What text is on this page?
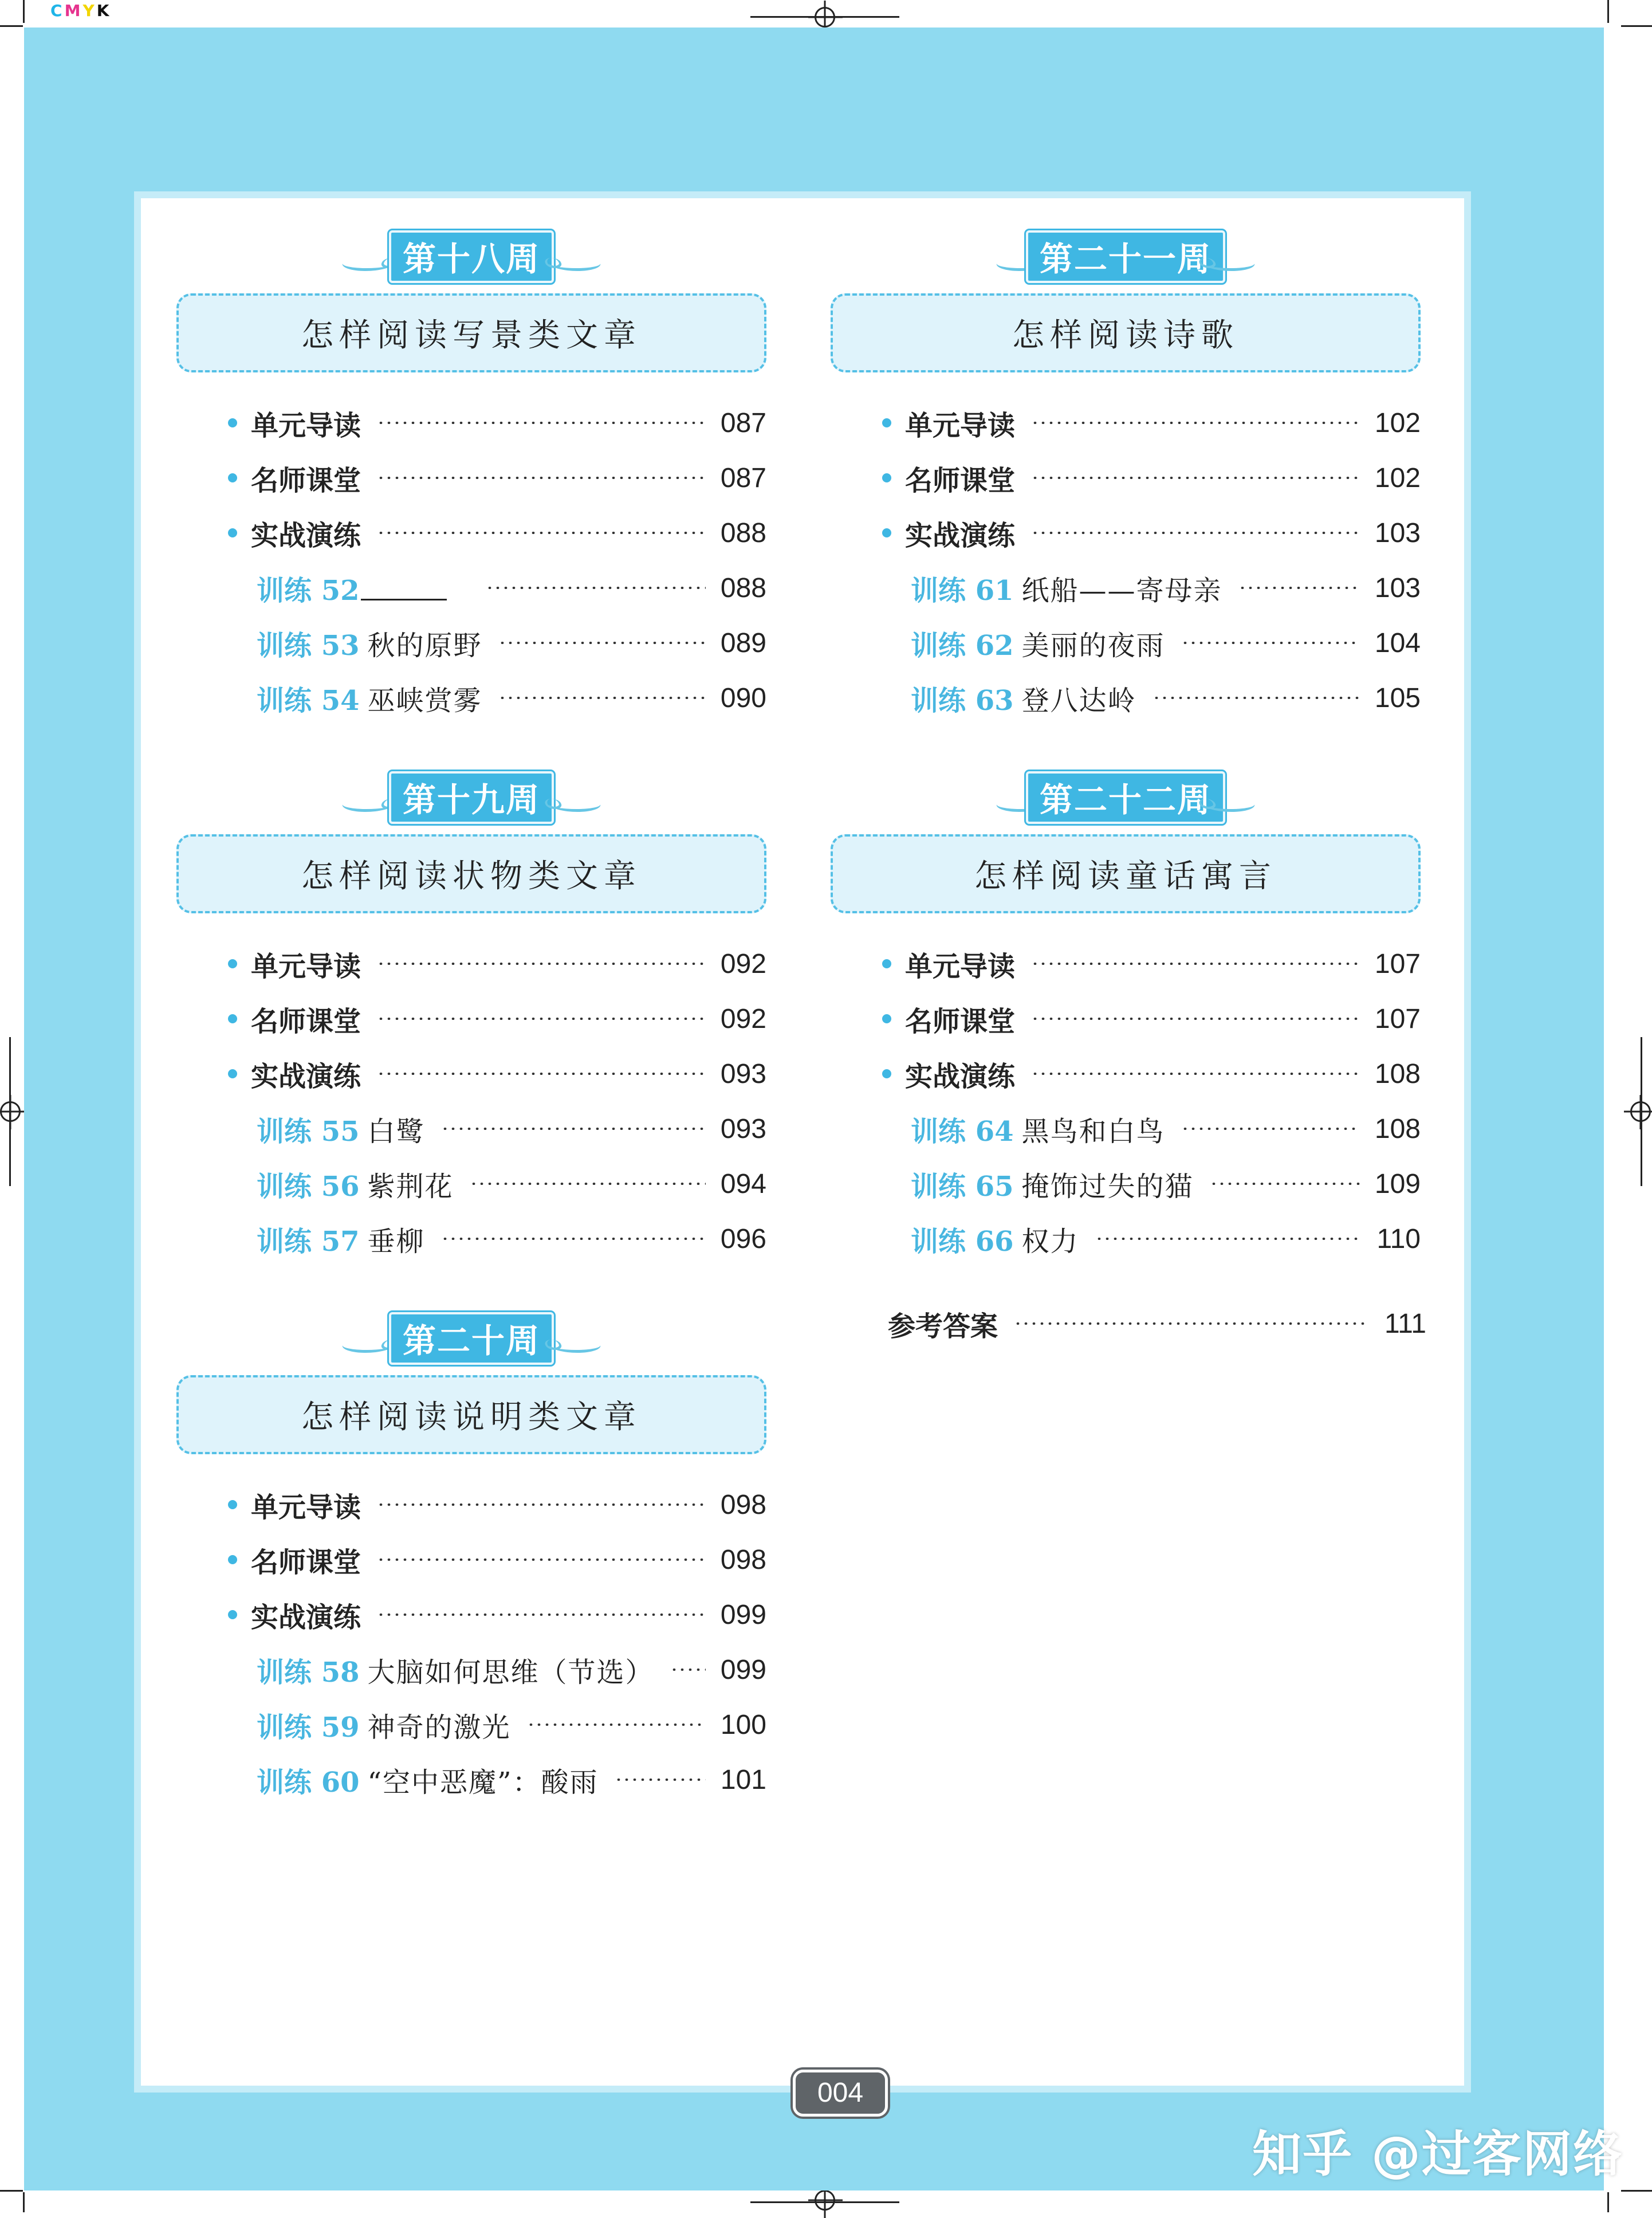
CMYK
第十八周
怎样阅读写景类文章
单元导读	087
名师课堂	087
实战演练	088
训练 52	088
训练 53 秋的原野	089
训练 54 巫峡赏雾	090
第十九周
怎样阅读状物类文章
单元导读	092
名师课堂	092
实战演练	093
训练 55 白鹭	093
训练 56 紫荆花	094
训练 57 垂柳	096
第二十周
怎样阅读说明类文章
单元导读	098
名师课堂	098
实战演练	099
训练 58 大脑如何思维（节选） 099
训练 59 神奇的激光	100
训练 60 “空中恶魔”：酸雨	101
第二十一周
怎样阅读诗歌
单元导读	102
名师课堂	102
实战演练	103
训练 61 纸船——寄母亲	103
训练 62 美丽的夜雨	104
训练 63 登八达岭	105
第二十二周
怎样阅读童话寓言
单元导读	107
名师课堂	107
实战演练	108
训练 64 黑鸟和白鸟	108
训练 65 掩饰过失的猫	109
训练 66 权力	110
参考答案	111
004
知乎 @过客网络
